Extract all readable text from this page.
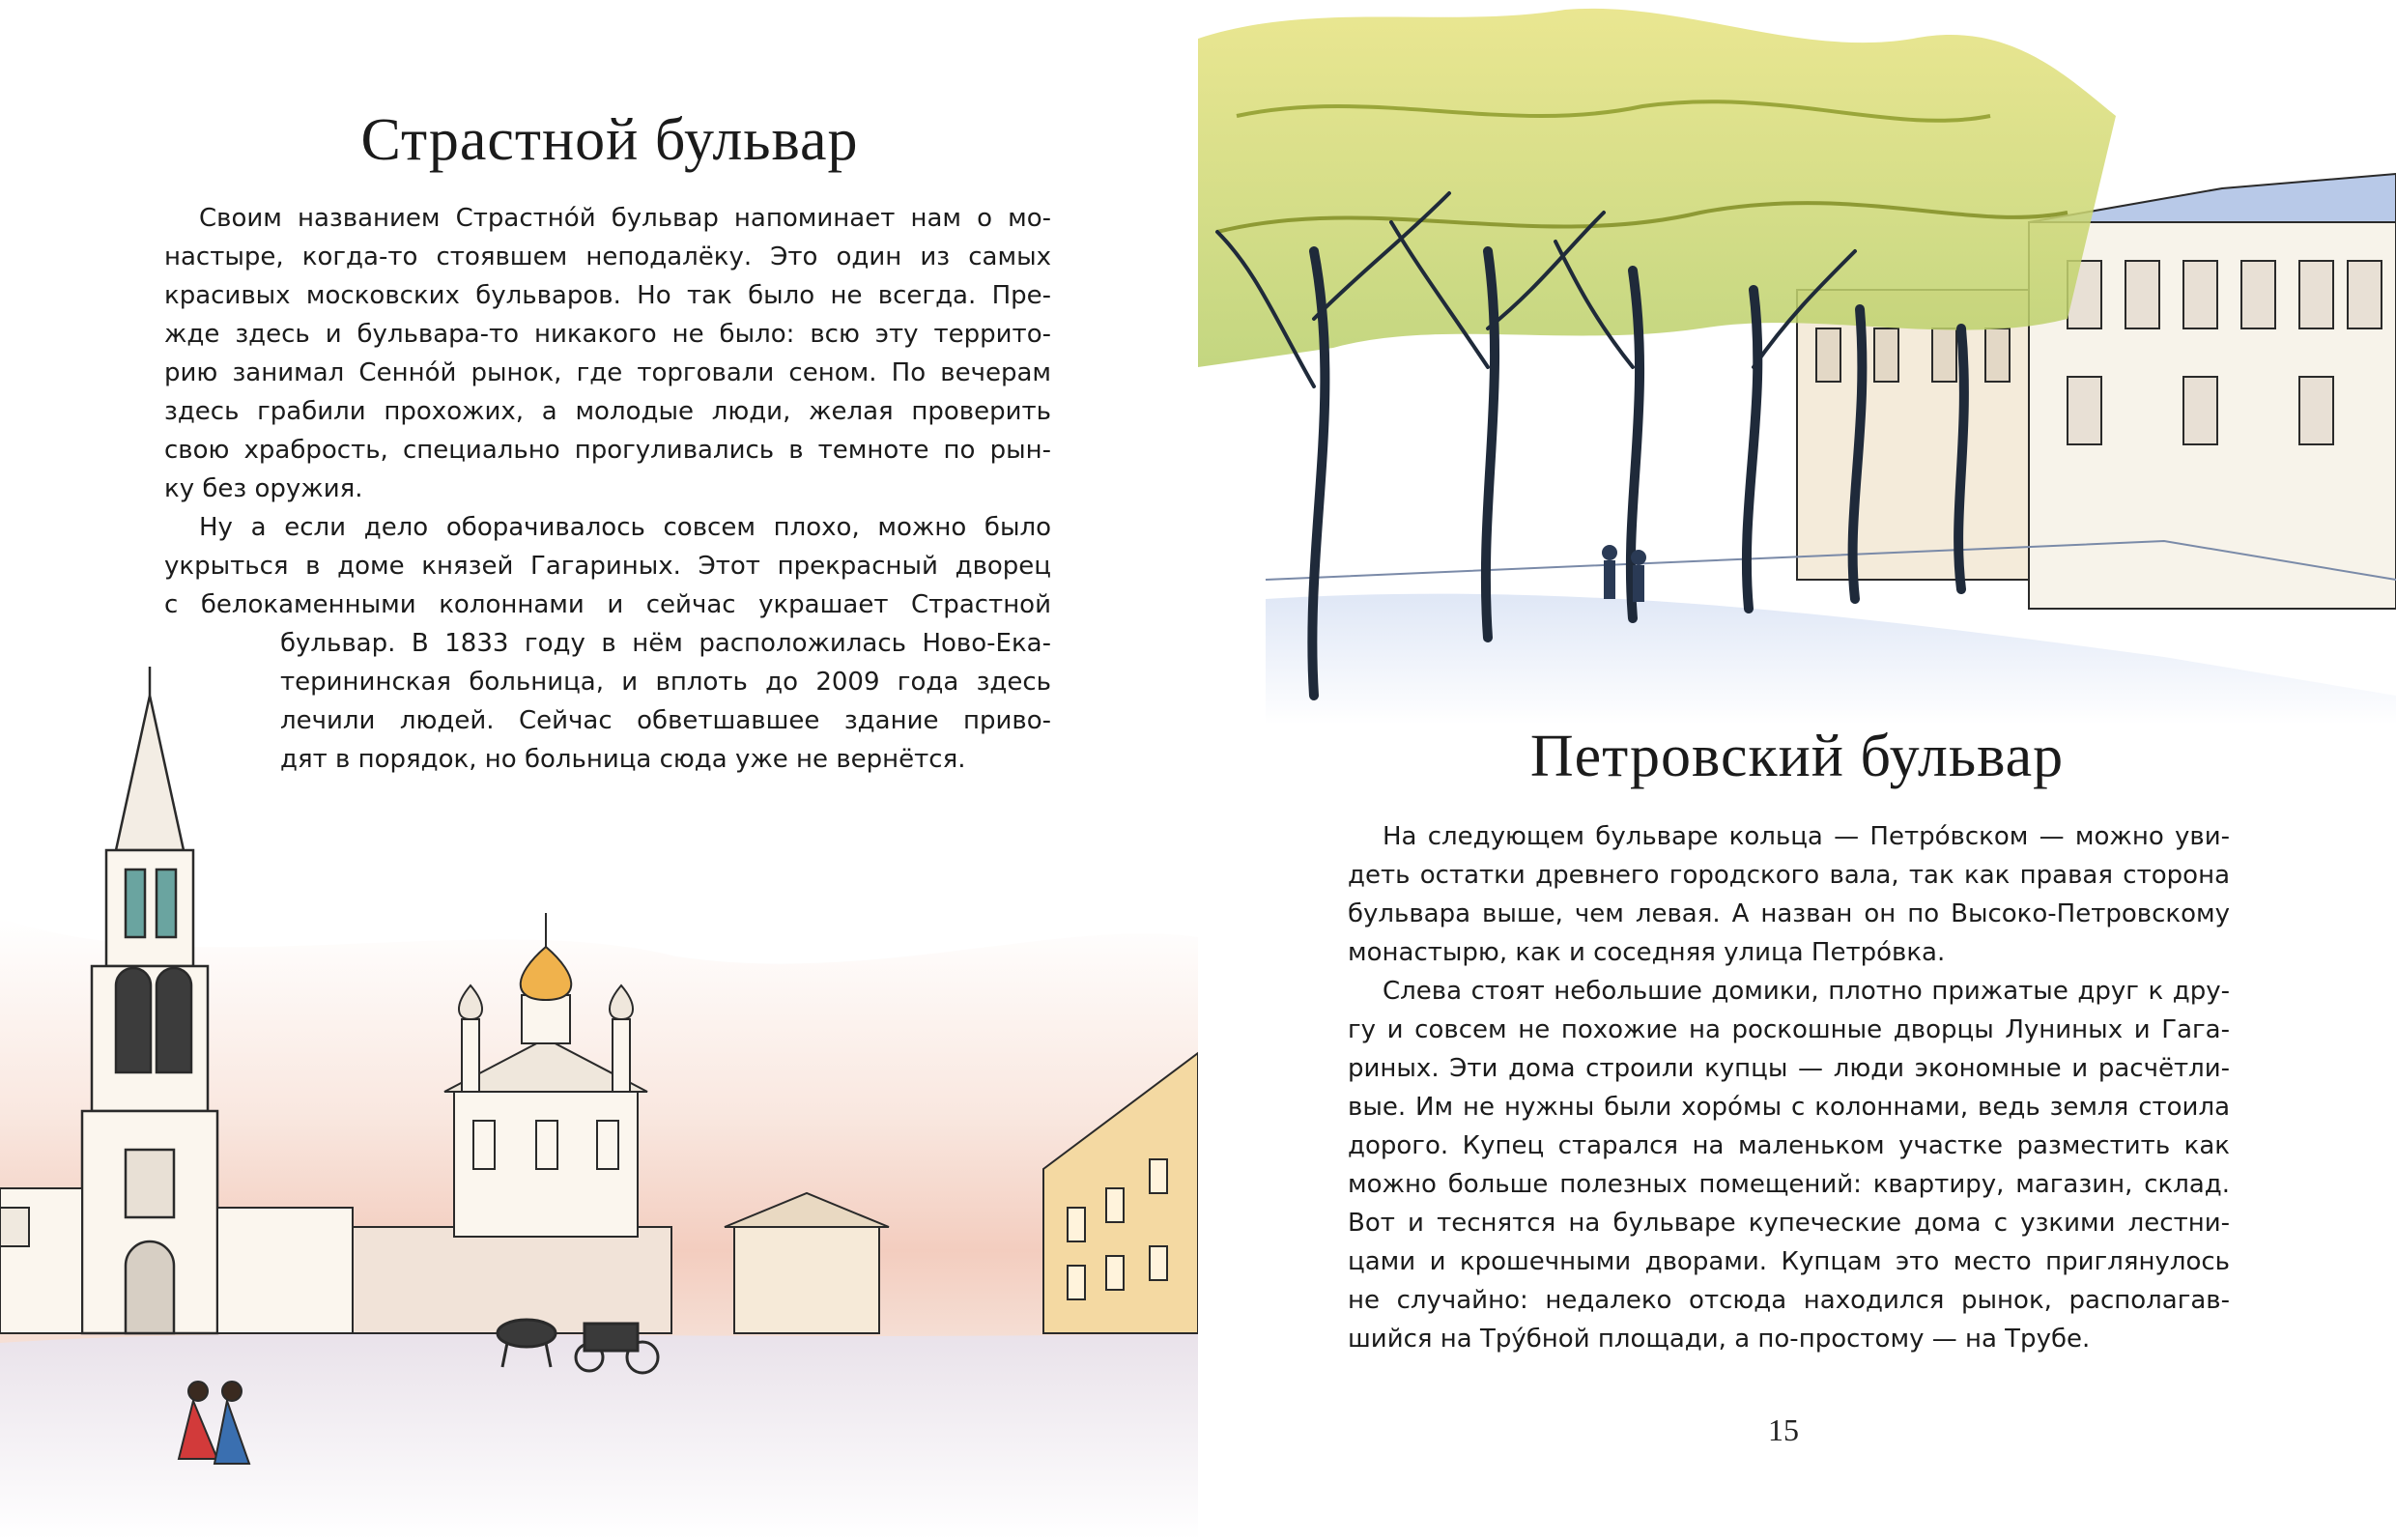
Страстной бульвар
Своим названием Страстнóй бульвар напоминает нам о мо-
настыре, когда-то стоявшем неподалёку. Это один из самых
красивых московских бульваров. Но так было не всегда. Пре-
жде здесь и бульвара-то никакого не было: всю эту террито-
рию занимал Сеннóй рынок, где торговали сеном. По вечерам
здесь грабили прохожих, а молодые люди, желая проверить
свою храбрость, специально прогуливались в темноте по рын-
ку без оружия.
Ну а если дело оборачивалось совсем плохо, можно было
укрыться в доме князей Гагариных. Этот прекрасный дворец
с белокаменными колоннами и сейчас украшает Страстной
бульвар. В 1833 году в нём расположилась Ново-Ека-
терининская больница, и вплоть до 2009 года здесь
лечили людей. Сейчас обветшавшее здание приво-
дят в порядок, но больница сюда уже не вернётся.	Петровский бульвар
На следующем бульваре кольца — Петрóвском — можно уви-
деть остатки древнего городского вала, так как правая сторона
бульвара выше, чем левая. А назван он по Высоко-Петровскому
монастырю, как и соседняя улица Петрóвка.
Слева стоят небольшие домики, плотно прижатые друг к дру-
гу и совсем не похожие на роскошные дворцы Луниных и Гага-
риных. Эти дома строили купцы — люди экономные и расчётли-
вые. Им не нужны были хорóмы с колоннами, ведь земля стоила
дорого. Купец старался на маленьком участке разместить как
можно больше полезных помещений: квартиру, магазин, склад.
Вот и теснятся на бульваре купеческие дома с узкими лестни-
цами и крошечными дворами. Купцам это место приглянулось
не случайно: недалеко отсюда находился рынок, располагав-
шийся на Трýбной площади, а по-простому — на Трубе.

15
